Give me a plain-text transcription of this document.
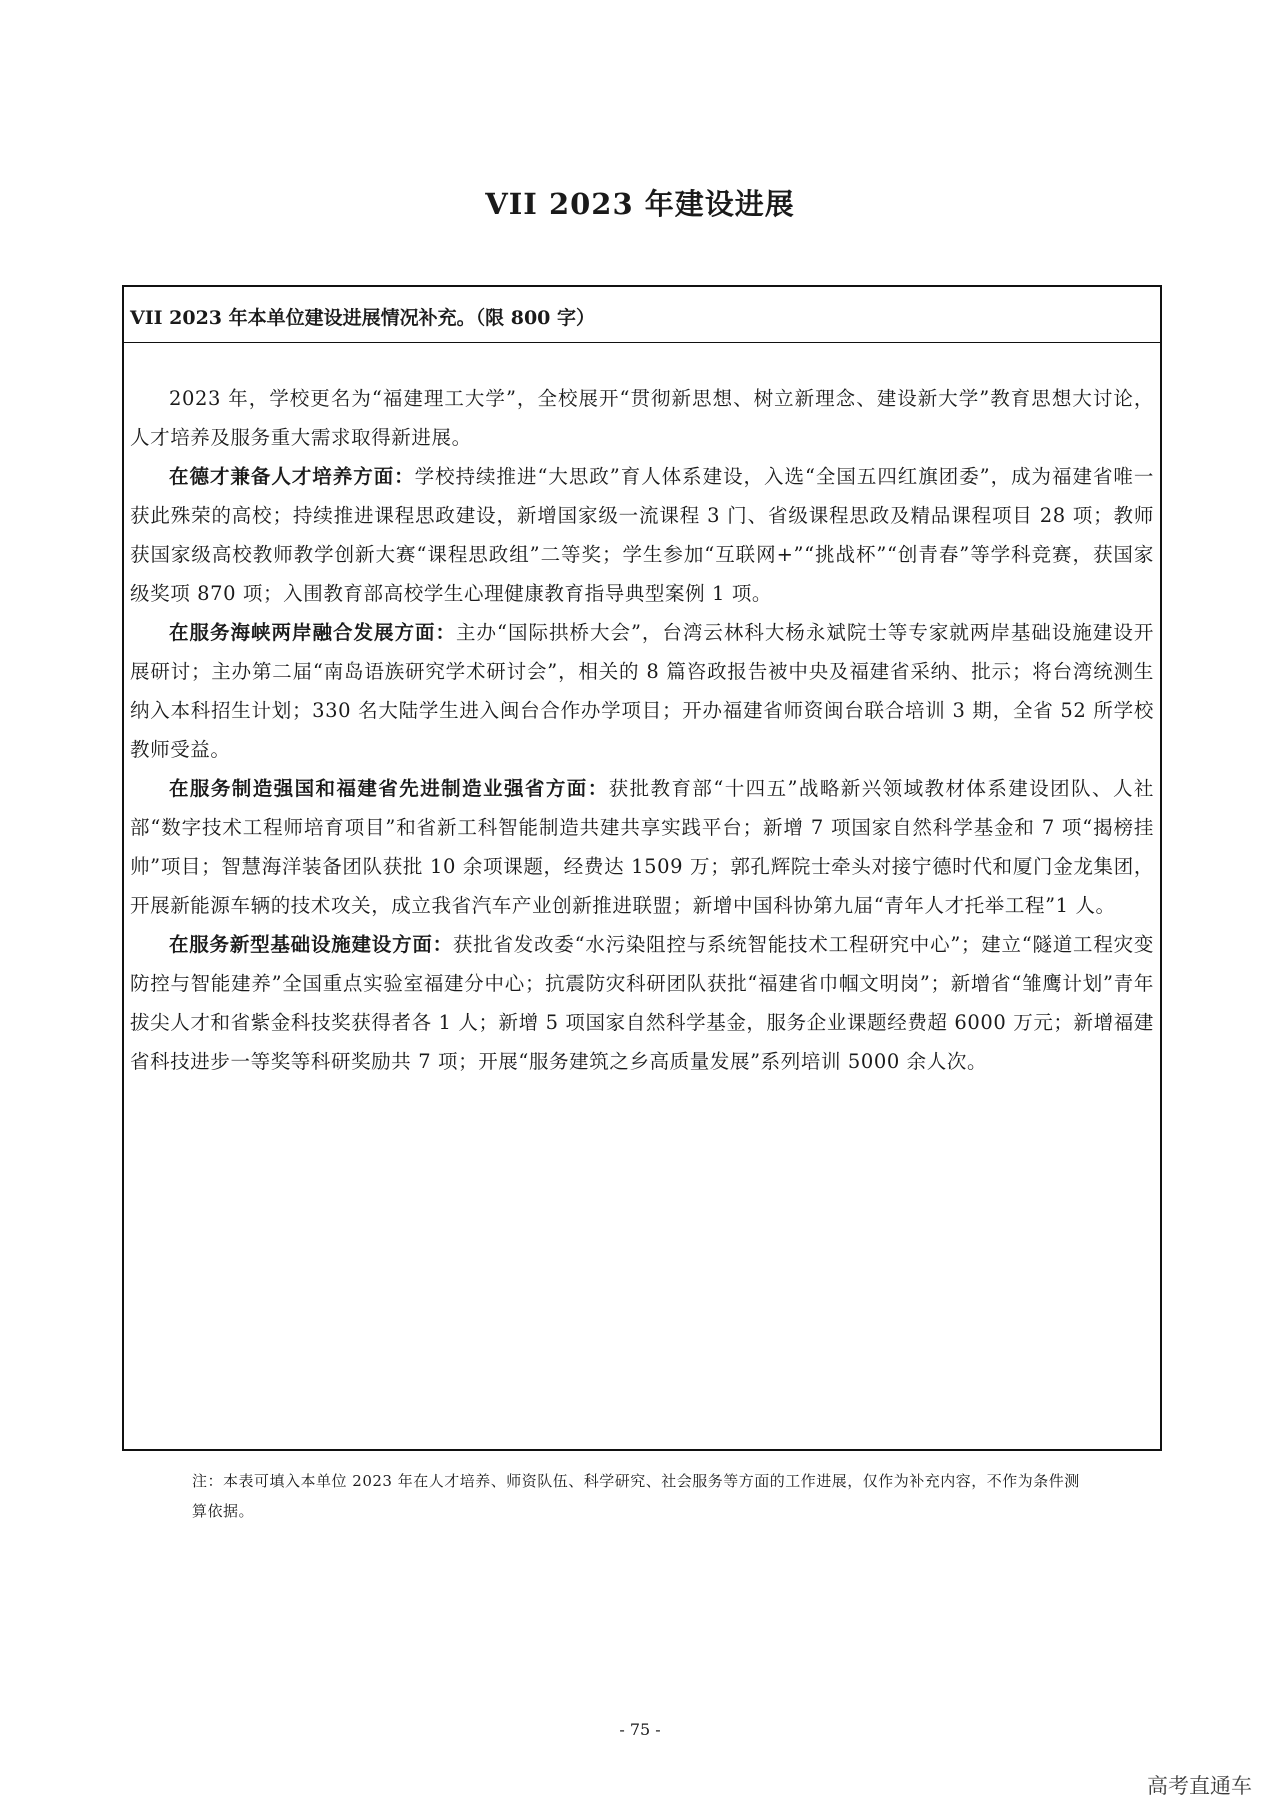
VII 2023 年建设进展
VII 2023 年本单位建设进展情况补充。（限 800 字）

2023 年，学校更名为“福建理工大学”，全校展开“贯彻新思想、树立新理念、建设新大学”教育思想大讨论，人才培养及服务重大需求取得新进展。

在德才兼备人才培养方面：学校持续推进“大思政”育人体系建设，入选“全国五四红旗团委”，成为福建省唯一获此殊荣的高校；持续推进课程思政建设，新增国家级一流课程 3 门、省级课程思政及精品课程项目 28 项；教师获国家级高校教师教学创新大赛“课程思政组”二等奖；学生参加“互联网+”“挑战杯”“创青春”等学科竞赛，获国家级奖项 870 项；入围教育部高校学生心理健康教育指导典型案例 1 项。

在服务海峡两岸融合发展方面：主办“国际拱桥大会”，台湾云林科大杨永斌院士等专家就两岸基础设施建设开展研讨；主办第二届“南岛语族研究学术研讨会”，相关的 8 篇咨政报告被中央及福建省采纳、批示；将台湾统测生纳入本科招生计划；330 名大陆学生进入闽台合作办学项目；开办福建省师资闽台联合培训 3 期，全省 52 所学校教师受益。

在服务制造强国和福建省先进制造业强省方面：获批教育部“十四五”战略新兴领域教材体系建设团队、人社部“数字技术工程师培育项目”和省新工科智能制造共建共享实践平台；新增 7 项国家自然科学基金和 7 项“揭榜挂帅”项目；智慧海洋装备团队获批 10 余项课题，经费达 1509 万；郭孔辉院士牵头对接宁德时代和厦门金龙集团，开展新能源车辆的技术攻关，成立我省汽车产业创新推进联盟；新增中国科协第九届“青年人才托举工程”1 人。

在服务新型基础设施建设方面：获批省发改委“水污染阻控与系统智能技术工程研究中心”；建立“隧道工程灾变防控与智能建养”全国重点实验室福建分中心；抗震防灾科研团队获批“福建省巾帼文明岗”；新增省“雏鹰计划”青年拔尖人才和省紫金科技奖获得者各 1 人；新增 5 项国家自然科学基金，服务企业课题经费超 6000 万元；新增福建省科技进步一等奖等科研奖励共 7 项；开展“服务建筑之乡高质量发展”系列培训 5000 余人次。

注：本表可填入本单位 2023 年在人才培养、师资队伍、科学研究、社会服务等方面的工作进展，仅作为补充内容，不作为条件测算依据。

- 75 -

高考直通车
